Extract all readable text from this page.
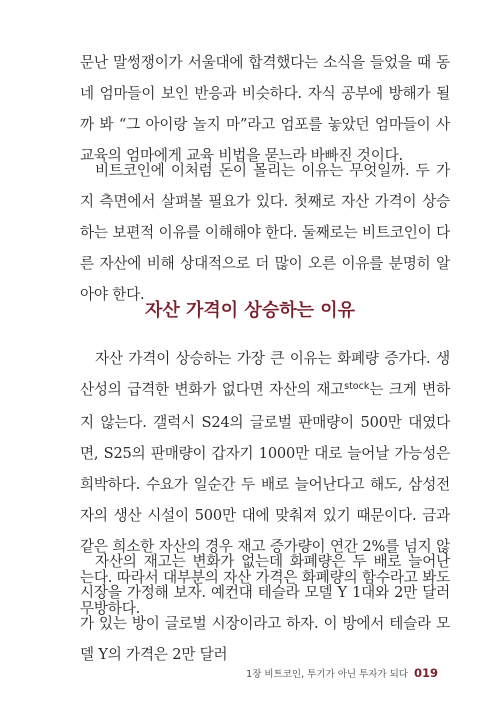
문난 말썽쟁이가 서울대에 합격했다는 소식을 들었을 때 동네 엄마들이 보인 반응과 비슷하다. 자식 공부에 방해가 될까 봐 “그 아이랑 놀지 마”라고 엄포를 놓았던 엄마들이 사교육의 엄마에게 교육 비법을 묻느라 바빠진 것이다.

비트코인에 이처럼 돈이 몰리는 이유는 무엇일까. 두 가지 측면에서 살펴볼 필요가 있다. 첫째로 자산 가격이 상승하는 보편적 이유를 이해해야 한다. 둘째로는 비트코인이 다른 자산에 비해 상대적으로 더 많이 오른 이유를 분명히 알아야 한다.

자산 가격이 상승하는 이유

자산 가격이 상승하는 가장 큰 이유는 화폐량 증가다. 생산성의 급격한 변화가 없다면 자산의 재고$^{stock}$는 크게 변하지 않는다. 갤럭시 S24의 글로벌 판매량이 500만 대였다면, S25의 판매량이 갑자기 1000만 대로 늘어날 가능성은 희박하다. 수요가 일순간 두 배로 늘어난다고 해도, 삼성전자의 생산 시설이 500만 대에 맞춰져 있기 때문이다. 금과 같은 희소한 자산의 경우 재고 증가량이 연간 2%를 넘지 않는다. 따라서 대부분의 자산 가격은 화폐량의 함수라고 봐도 무방하다.

자산의 재고는 변화가 없는데 화폐량은 두 배로 늘어난 시장을 가정해 보자. 예컨대 테슬라 모델 Y 1대와 2만 달러가 있는 방이 글로벌 시장이라고 하자. 이 방에서 테슬라 모델 Y의 가격은 2만 달러

1장 비트코인, 투기가 아닌 투자가 되다 019
